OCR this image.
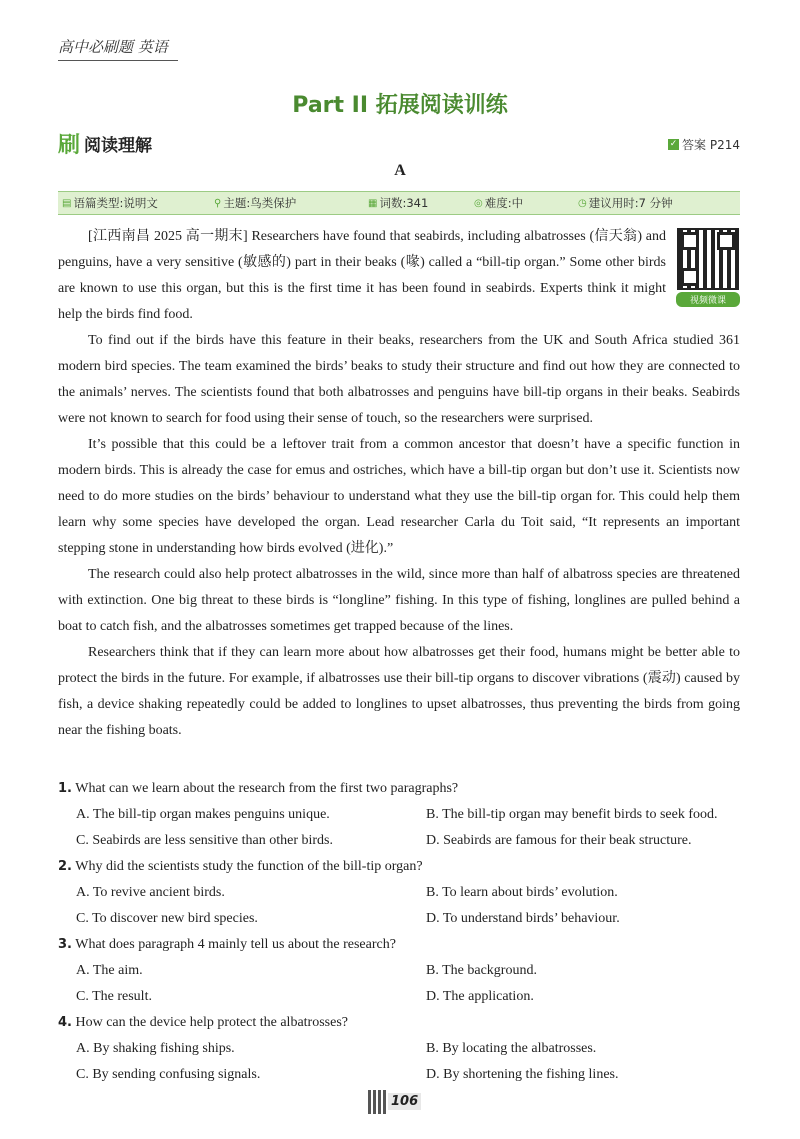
高中必刷题 英语
Part II 拓展阅读训练
刷 阅读理解	✓ 答案 P214
A
▤ 语篇类型:说明文	⚲ 主题:鸟类保护	▦ 词数:341	◎ 难度:中	◷ 建议用时:7 分钟
视频微课

[江西南昌 2025 高一期末] Researchers have found that seabirds, including albatrosses (信天翁) and penguins, have a very sensitive (敏感的) part in their beaks (喙) called a “bill-tip organ.” Some other birds are known to use this organ, but this is the first time it has been found in seabirds. Experts think it might help the birds find food.

To find out if the birds have this feature in their beaks, researchers from the UK and South Africa studied 361 modern bird species. The team examined the birds’ beaks to study their structure and find out how they are connected to the animals’ nerves. The scientists found that both albatrosses and penguins have bill-tip organs in their beaks. Seabirds were not known to search for food using their sense of touch, so the researchers were surprised.

It’s possible that this could be a leftover trait from a common ancestor that doesn’t have a specific function in modern birds. This is already the case for emus and ostriches, which have a bill-tip organ but don’t use it. Scientists now need to do more studies on the birds’ behaviour to understand what they use the bill-tip organ for. This could help them learn why some species have developed the organ. Lead researcher Carla du Toit said, “It represents an important stepping stone in understanding how birds evolved (进化).”

The research could also help protect albatrosses in the wild, since more than half of albatross species are threatened with extinction. One big threat to these birds is “longline” fishing. In this type of fishing, longlines are pulled behind a boat to catch fish, and the albatrosses sometimes get trapped because of the lines.

Researchers think that if they can learn more about how albatrosses get their food, humans might be better able to protect the birds in the future. For example, if albatrosses use their bill-tip organs to discover vibrations (震动) caused by fish, a device shaking repeatedly could be added to longlines to upset albatrosses, thus preventing the birds from going near the fishing boats.

1. What can we learn about the research from the first two paragraphs?
A. The bill-tip organ makes penguins unique.	B. The bill-tip organ may benefit birds to seek food.
C. Seabirds are less sensitive than other birds.	D. Seabirds are famous for their beak structure.
2. Why did the scientists study the function of the bill-tip organ?
A. To revive ancient birds.	B. To learn about birds’ evolution.
C. To discover new bird species.	D. To understand birds’ behaviour.
3. What does paragraph 4 mainly tell us about the research?
A. The aim.	B. The background.
C. The result.	D. The application.
4. How can the device help protect the albatrosses?
A. By shaking fishing ships.	B. By locating the albatrosses.
C. By sending confusing signals.	D. By shortening the fishing lines.
106
